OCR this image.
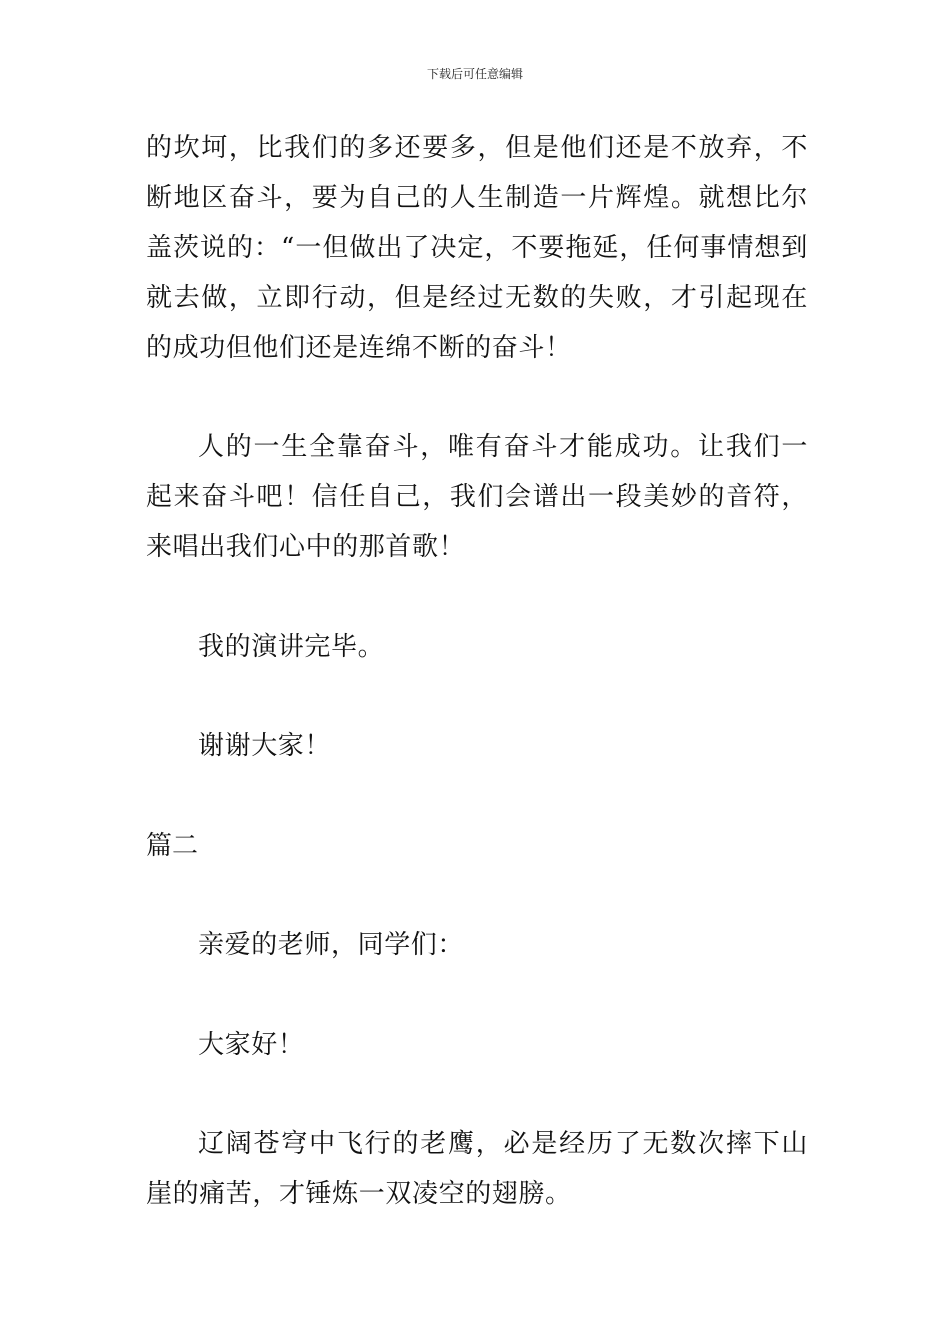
下载后可任意编辑

的坎坷，比我们的多还要多，但是他们还是不放弃，不断地区奋斗，要为自己的人生制造一片辉煌。就想比尔盖茨说的：“一但做出了决定，不要拖延，任何事情想到就去做，立即行动，但是经过无数的失败，才引起现在的成功但他们还是连绵不断的奋斗！

人的一生全靠奋斗，唯有奋斗才能成功。让我们一起来奋斗吧！信任自己，我们会谱出一段美妙的音符，来唱出我们心中的那首歌！

我的演讲完毕。

谢谢大家！

篇二

亲爱的老师，同学们：

大家好！

辽阔苍穹中飞行的老鹰，必是经历了无数次摔下山崖的痛苦，才锤炼一双凌空的翅膀。
